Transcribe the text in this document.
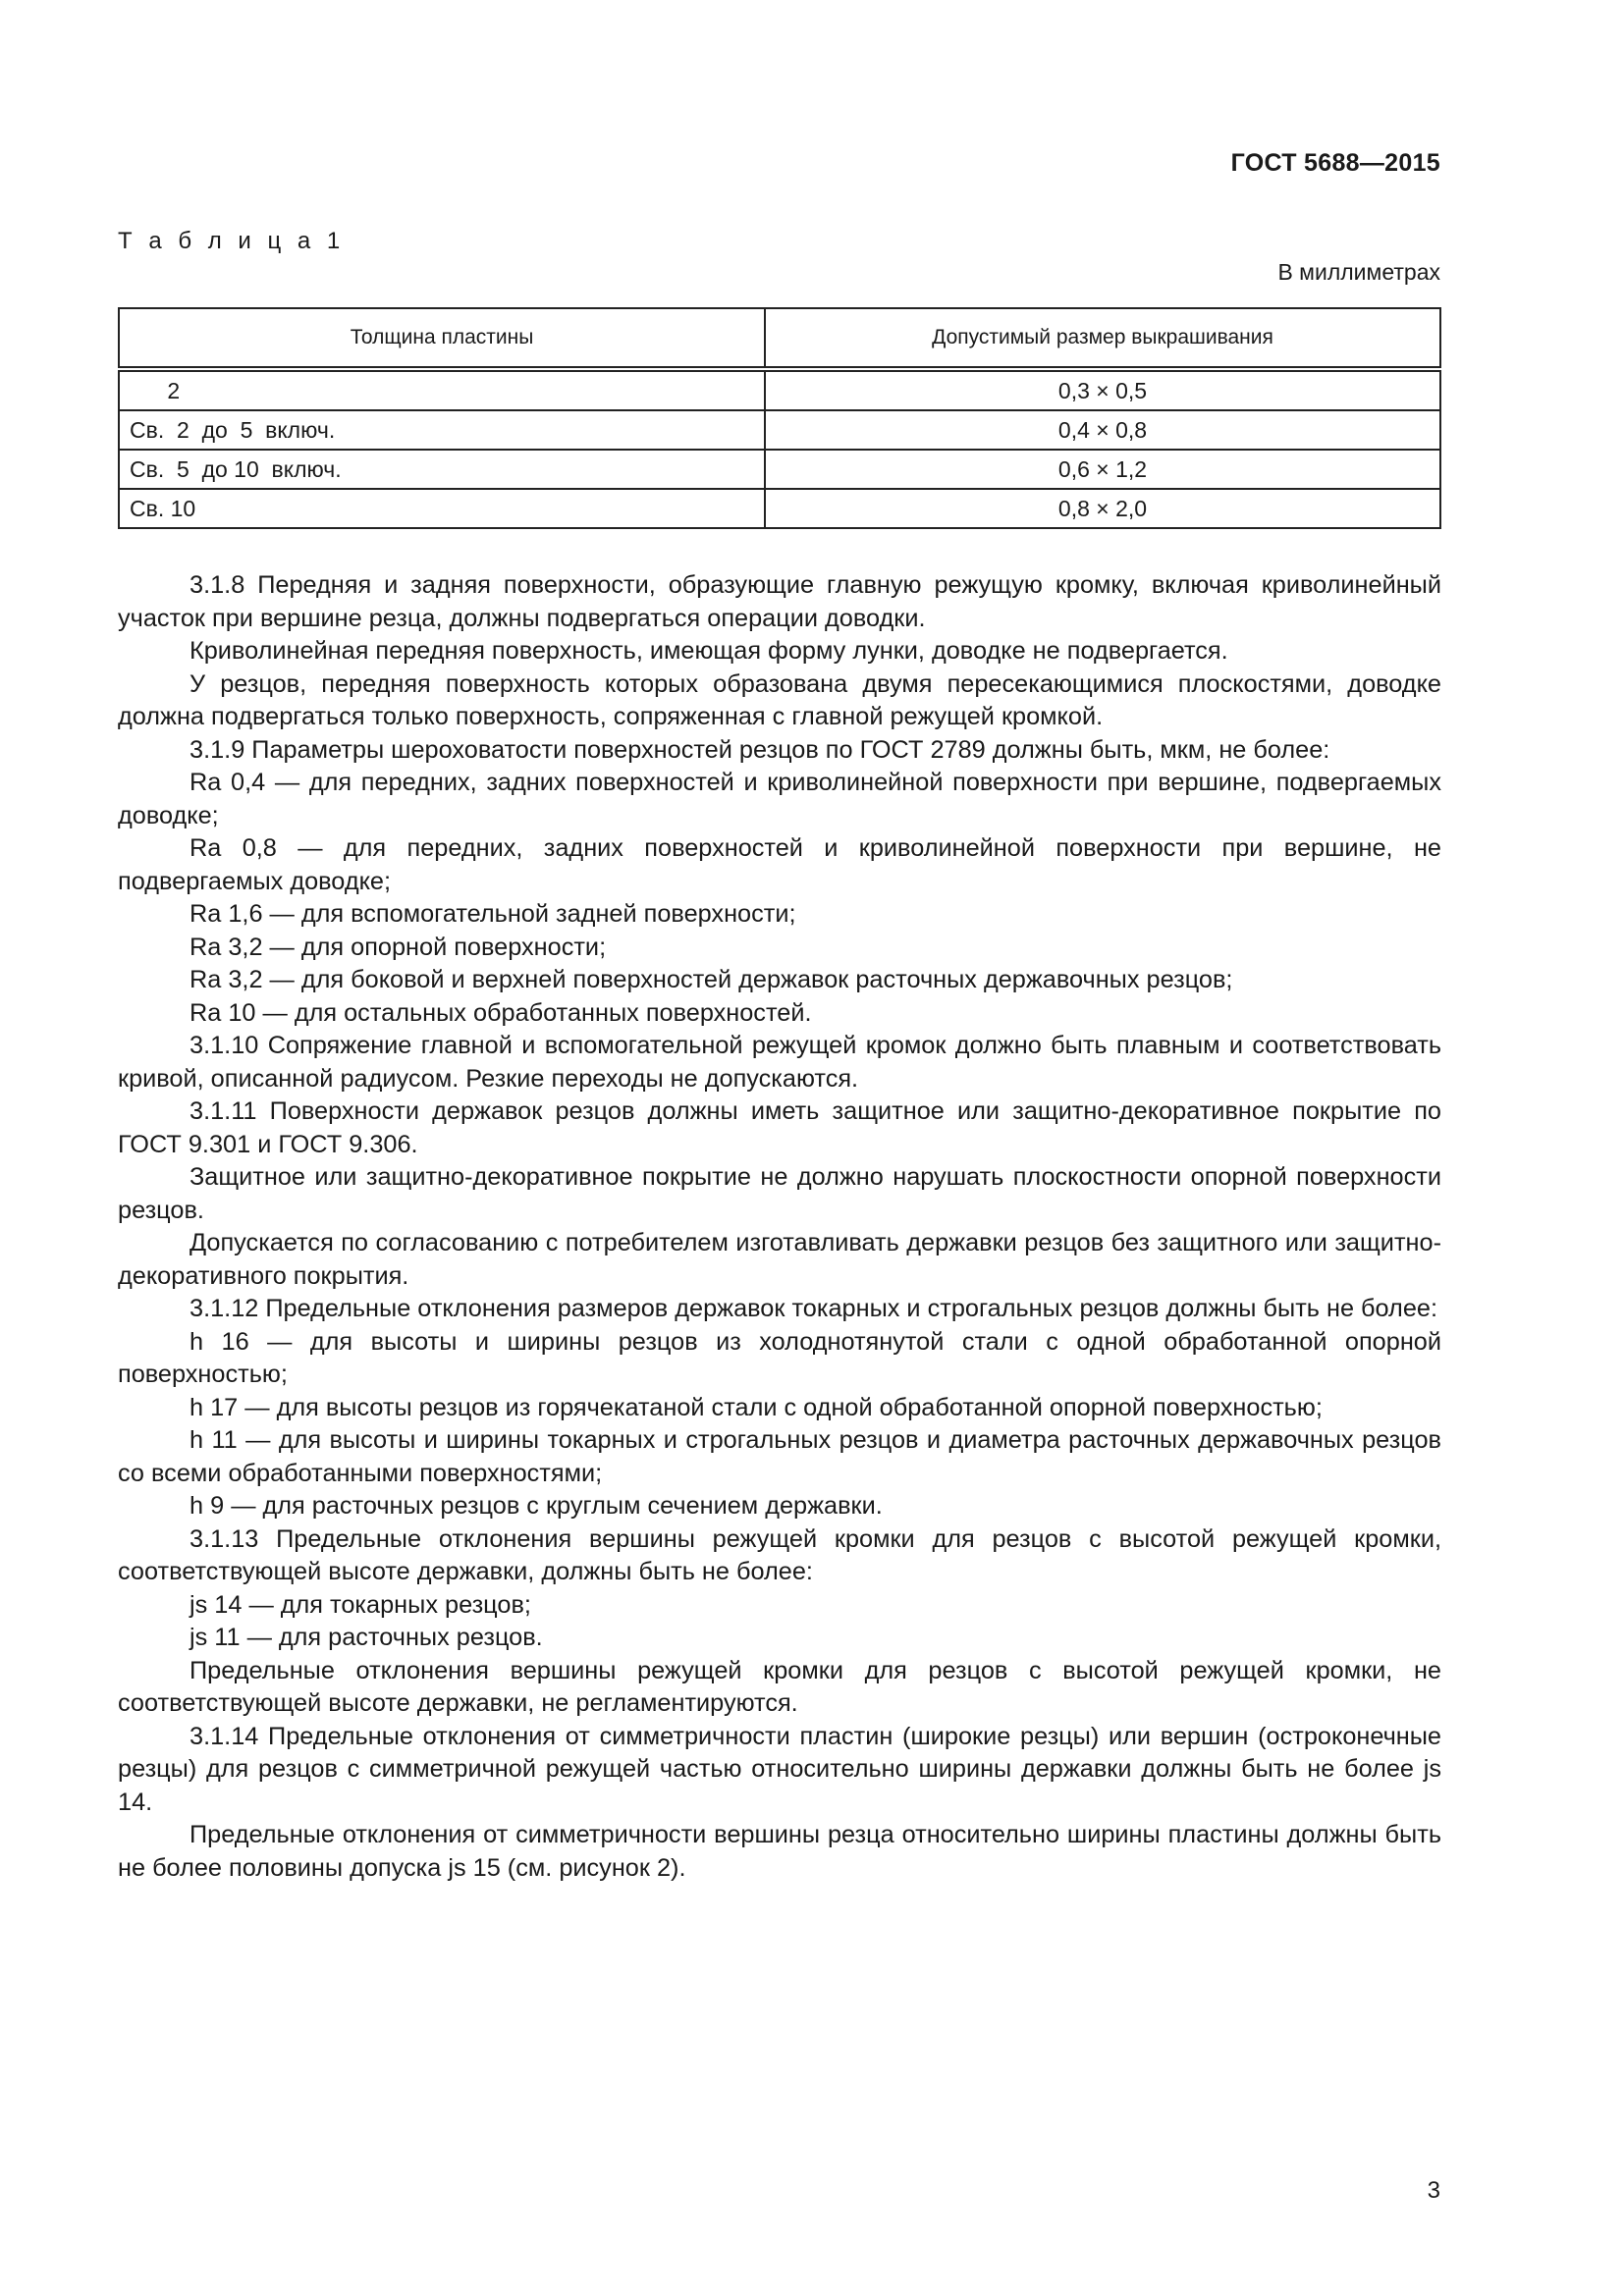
ГОСТ 5688—2015
Т а б л и ц а 1
В миллиметрах
Толщина пластины	Допустимый размер выкрашивания
2	0,3 × 0,5
Св.  2  до  5  включ.	0,4 × 0,8
Св.  5  до 10  включ.	0,6 × 1,2
Св. 10	0,8 × 2,0

3.1.8 Передняя и задняя поверхности, образующие главную режущую кромку, включая криволинейный участок при вершине резца, должны подвергаться операции доводки.

Криволинейная передняя поверхность, имеющая форму лунки, доводке не подвергается.

У резцов, передняя поверхность которых образована двумя пересекающимися плоскостями, доводке должна подвергаться только поверхность, сопряженная с главной режущей кромкой.

3.1.9 Параметры шероховатости поверхностей резцов по ГОСТ 2789 должны быть, мкм, не более:

Ra 0,4 — для передних, задних поверхностей и криволинейной поверхности при вершине, подвергаемых доводке;

Ra 0,8 — для передних, задних поверхностей и криволинейной поверхности при вершине, не подвергаемых доводке;

Ra 1,6 — для вспомогательной задней поверхности;

Ra 3,2 — для опорной поверхности;

Ra 3,2 — для боковой и верхней поверхностей державок расточных державочных резцов;

Ra 10 — для остальных обработанных поверхностей.

3.1.10 Сопряжение главной и вспомогательной режущей кромок должно быть плавным и соответствовать кривой, описанной радиусом. Резкие переходы не допускаются.

3.1.11 Поверхности державок резцов должны иметь защитное или защитно-декоративное покрытие по ГОСТ 9.301 и ГОСТ 9.306.

Защитное или защитно-декоративное покрытие не должно нарушать плоскостности опорной поверхности резцов.

Допускается по согласованию с потребителем изготавливать державки резцов без защитного или защитно-декоративного покрытия.

3.1.12 Предельные отклонения размеров державок токарных и строгальных резцов должны быть не более:

h 16 — для высоты и ширины резцов из холоднотянутой стали с одной обработанной опорной поверхностью;

h 17 — для высоты резцов из горячекатаной стали с одной обработанной опорной поверхностью;

h 11 — для высоты и ширины токарных и строгальных резцов и диаметра расточных державочных резцов со всеми обработанными поверхностями;

h 9 — для расточных резцов с круглым сечением державки.

3.1.13 Предельные отклонения вершины режущей кромки для резцов с высотой режущей кромки, соответствующей высоте державки, должны быть не более:

js 14 — для токарных резцов;

js 11 — для расточных резцов.

Предельные отклонения вершины режущей кромки для резцов с высотой режущей кромки, не соответствующей высоте державки, не регламентируются.

3.1.14 Предельные отклонения от симметричности пластин (широкие резцы) или вершин (остроконечные резцы) для резцов с симметричной режущей частью относительно ширины державки должны быть не более js 14.

Предельные отклонения от симметричности вершины резца относительно ширины пластины должны быть не более половины допуска js 15 (см. рисунок 2).

3
